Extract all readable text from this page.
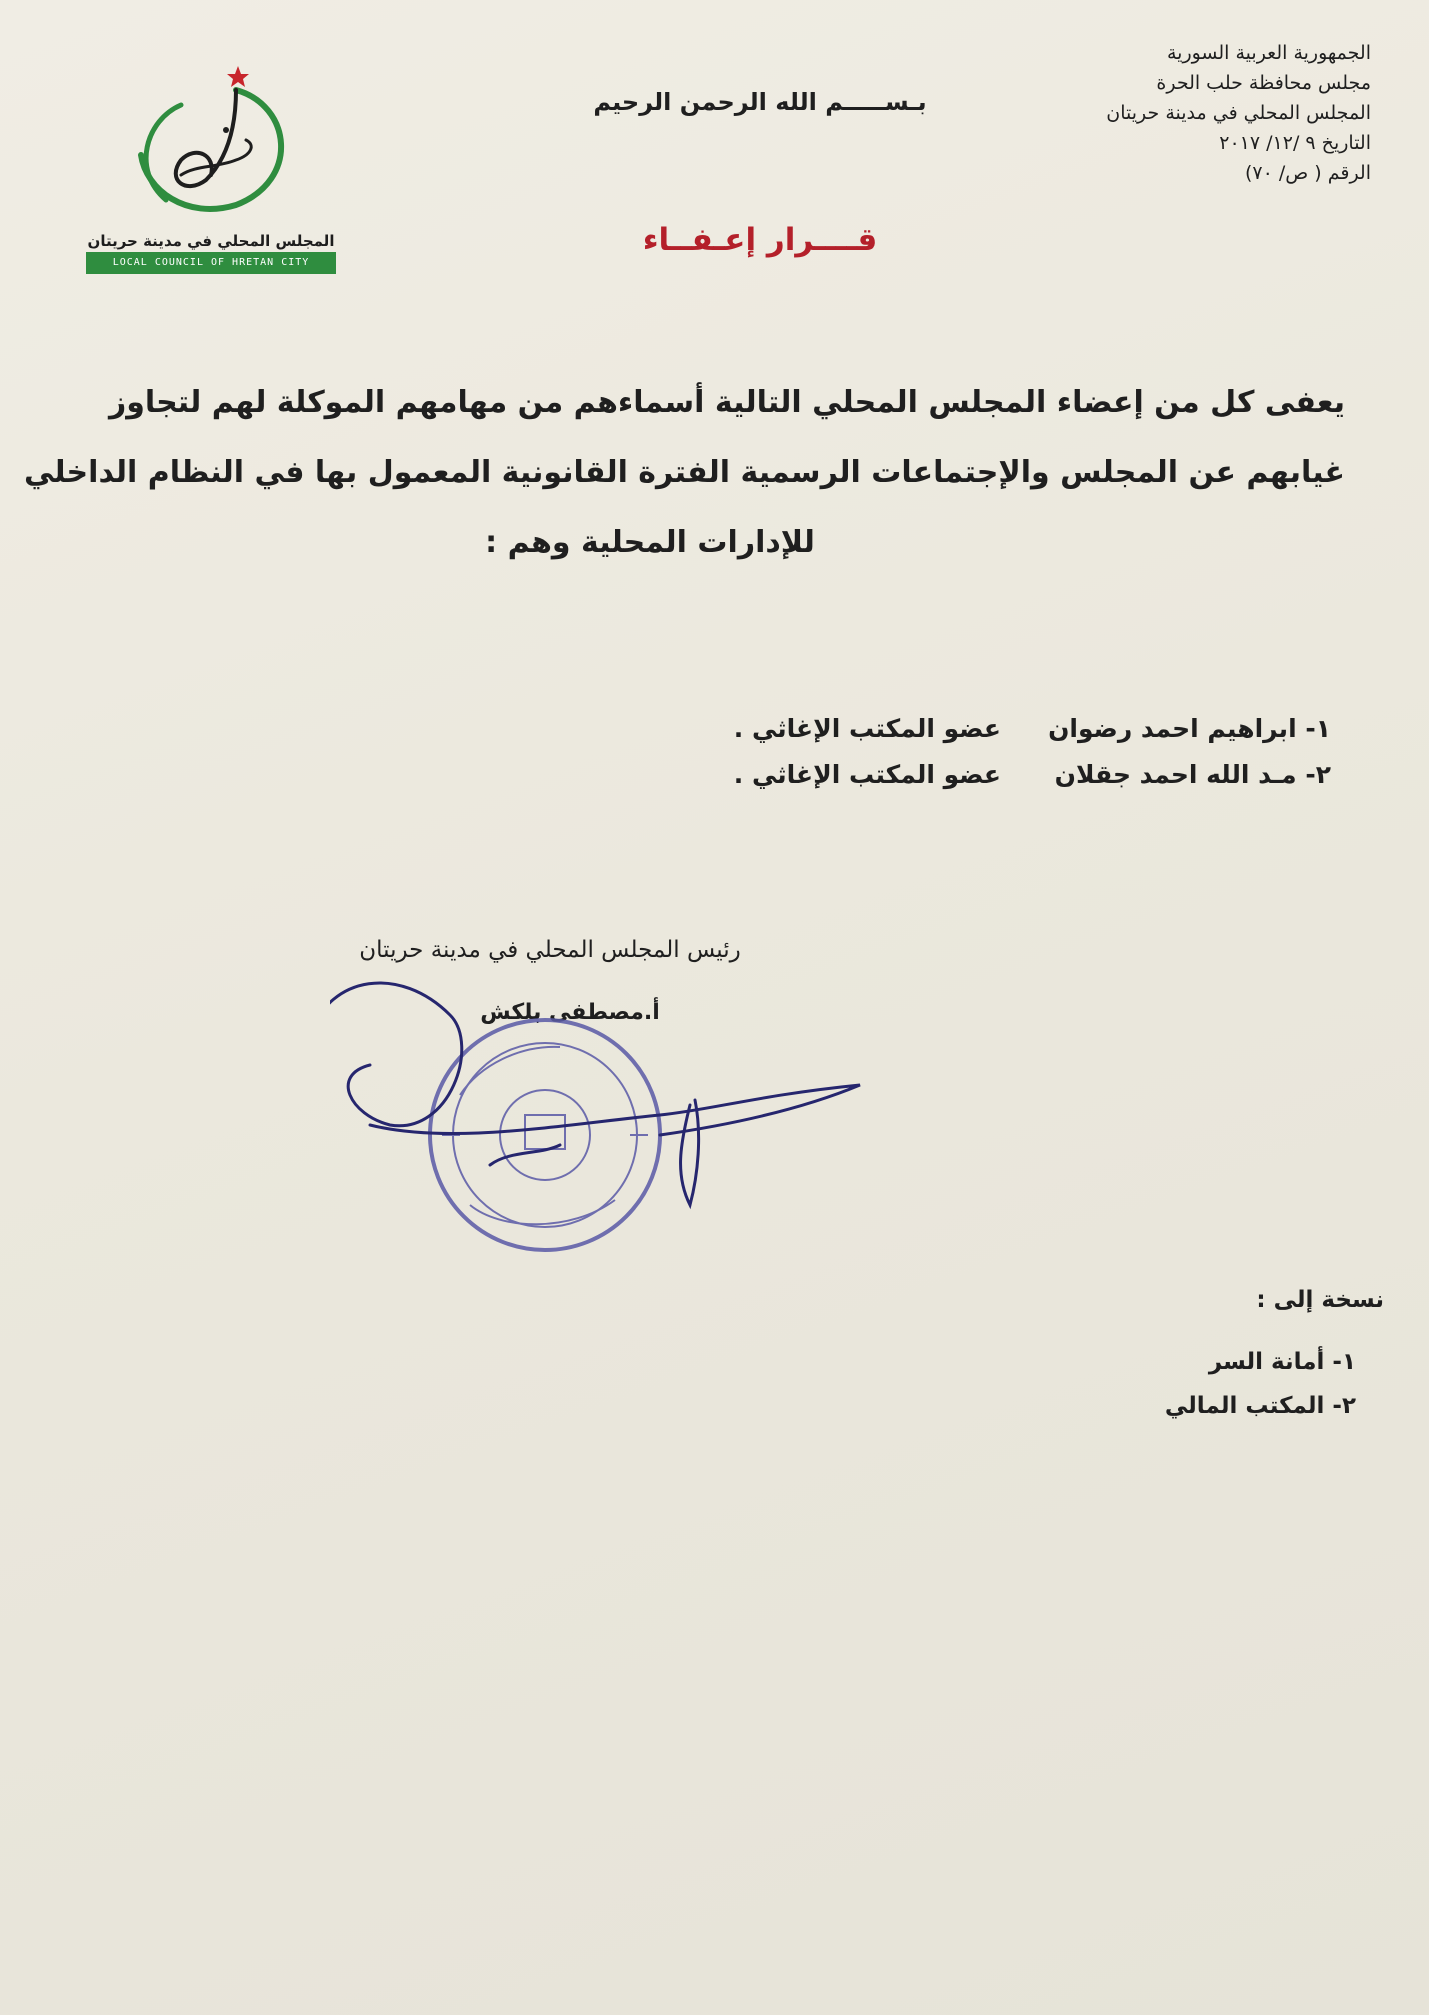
الجمهورية العربية السورية
مجلس محافظة حلب الحرة
المجلس المحلي في مدينة حريتان
التاريخ ٩ /١٢/ ٢٠١٧
الرقم ( ص/ ٧٠)
بـســـــم الله الرحمن الرحيم
قــــرار إعـفــاء
المجلس المحلي في مدينة حريتان
LOCAL COUNCIL OF HRETAN CITY
يعفى كل من إعضاء المجلس المحلي التالية أسماءهم من مهامهم الموكلة لهم لتجاوز
غيابهم عن المجلس والإجتماعات الرسمية الفترة القانونية المعمول بها في النظام الداخلي
للإدارات المحلية وهم :
١- ابراهيم احمد رضوان
عضو المكتب الإغاثي .
٢- مـد الله احمد جقلان
عضو المكتب الإغاثي .
رئيس المجلس المحلي في مدينة حريتان
أ.مصطفى بلكش
نسخة إلى :
١- أمانة السر
٢- المكتب المالي
